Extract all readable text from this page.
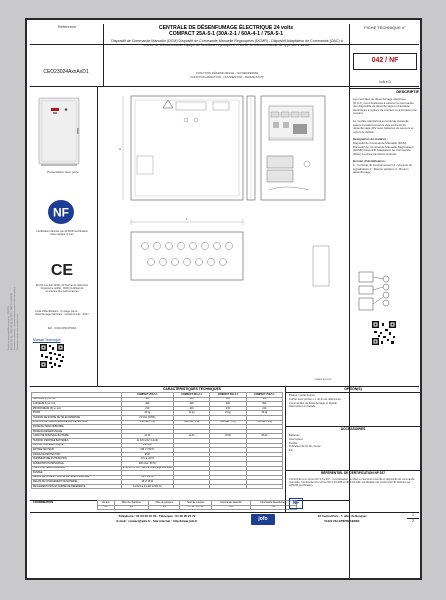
Société par actions simplifiée au capital de 1 500 000 € RCS 123 456 789 – SIRET 123 456 789 00012 – TVA FR12 123456789 Document non contractuel – Les caractéristiques peuvent évoluer sans préavis Reproduction interdite sans autorisation écrite
Référence
CEO23024AxxAxD1
CENTRALE DE DÉSENFUMAGE ÉLECTRIQUE 24 volts
COMPACT 25A-5-1 (30A-2-1 / 60A-4-1 / 75A-5-1
Dispositif de Commande Manuelle (DCM) Dispositif de Commande Manuelle Regroupées (DCMR) - Dispositif Adaptateur de Commande (DAC) à entrée de télécommande équipé de fonctions regroupées et sortie de télécommande de type commandé.
FONCTION DÉSENFUMAGE - OUVRE/FERME
FONCTION AÉRATION - OUVRE/STOP - FERME/STOP
FICHE TECHNIQUE n°
042 / NF
Indice D
Présentation avec porte
NF
Certification délivrée par AFNOR Certification www.marque-nf.com
CE
EN 54-4 et EN 12101-10 Norme de référence Organisme notifié : 0333 Certificat de constance des performances
Code d'identification : 2 Usage prévu : désenfumage Fabricant : société Année : 2017
Réf. : 0333-CPR-075001
Manuel Technique
L
H
Cotes en mm
DESCRIPTIF
Les centrales de désenfumage électrique (D.A.C.) sont destinées à assurer la commande des dispositifs de désenfumage et d'aération électriques à rupture de courant ou à émission de courant.
Le modèle standard à commande manuelle assure la télécommande des ouvrants de désenfumage 24V avec batteries de secours et report de défaut.
Désignation du matériel :
Dispositif de Commande Manuelle (DCM) Dispositif de Commande Manuelle Regroupées (DCMR) Dispositif Adaptateur de Commande (DAC) à entrée de télécommande.
Bornier d'identification :
1 - Contrôle du fonctionnement 2 - Voyants de signalisation 3 - Bouton aération 4 - Bouton désenfumage
CARACTÉRISTIQUES TECHNIQUES
	COMPACT 25A-5-1	COMPACT 30A-2-1	COMPACT 60A-4-1	COMPACT 75A-5-1
HAUTEUR (H) en mm	400	400	400	500
LARGEUR (L) en mm	400	400	400	500
PROFONDEUR (P) en mm	210	210	210	210
POIDS	20 kg	22 kg	24 kg	36 kg
TENSION DE SORTIE DE TÉLÉCOMMANDE	24 VCC (±15%)			
POUVOIR DE TÉLÉCOMMANDE PAR DÉTECTEUR	25A max / 5 lig	30A max / 2 lig	60A max / 4 lig	75A max / 5 lig
MODE DE TÉLÉCOMMANDE				
MODE DE DÉSENFUMAGE				
CAPACITÉ NOMINALE BATTERIE	12 Ah	12 Ah	18 Ah	28 Ah
TENSION D'ENTRÉE BATTERIES	2x 12V (24V / 12 Ah)			
PROTECTION ÉLECTRIQUE	Par 25A			
ENTRÉE SECTEUR	230 V / 50 Hz			
INDICE DE PROTECTION	IP30			
TEMPÉRATURE D'UTILISATION	-5°C à +40°C			
ALIMENTATION PRINCIPALE	230 VCA / 50 Hz			
TEMPS DE TÉLÉCOMMANDE	2 min 48 h + 5% - 120% en surcharge électrique			
FUSIBLE				
RELAIS DE PRISE ET SORTIE DE TÉLÉCOMMANDE	Par FUS 6A			
RELAIS DE CHANGEMENT DE MATÉRIEL	48 V/ 48 W			
RÉGLEMENTATION ET NORME DE RÉFÉRENCE	Conforme à la EN 12101-10			
COORDINATION	Version	Nbre de chambres	Nbre de groupes	Seuil de coupure	Commande détection	Commande désenfumage
DA	2/4	1/5	8 - 12 - 16 - 20	Oui	Oui
OPTION(S)
Platine / sortie bornes
Coffret avec portes + n nb fin de références
Commandes de désenfumage et façade
Interrupteur en façade
ACCESSOIRES
Batteries
Interrupteur
Fusible
Indicateur de fin de course
Etc.
RÉFÉRENTIEL DE CERTIFICATION NF 537
Conformité à la norme NF S 61-937 - Centralisation de Mise en Sécurité Incendie et dispositifs de commande manuelle. Conformité à la norme NF S 61-938 et NF S 61-939. Certification de conformité NF délivrée par AFNOR Certification.
NF
Téléphone : 01 00 00 10 00 - Télécopie : 01 00 00 20 72
E-mail : contact@jofo.fr - Site internet : http://www.jofo.fr	jofo	ZA Central Parc - 7, allée du Bosquet
51421 VILLEPINTE CEDEX
1
2
